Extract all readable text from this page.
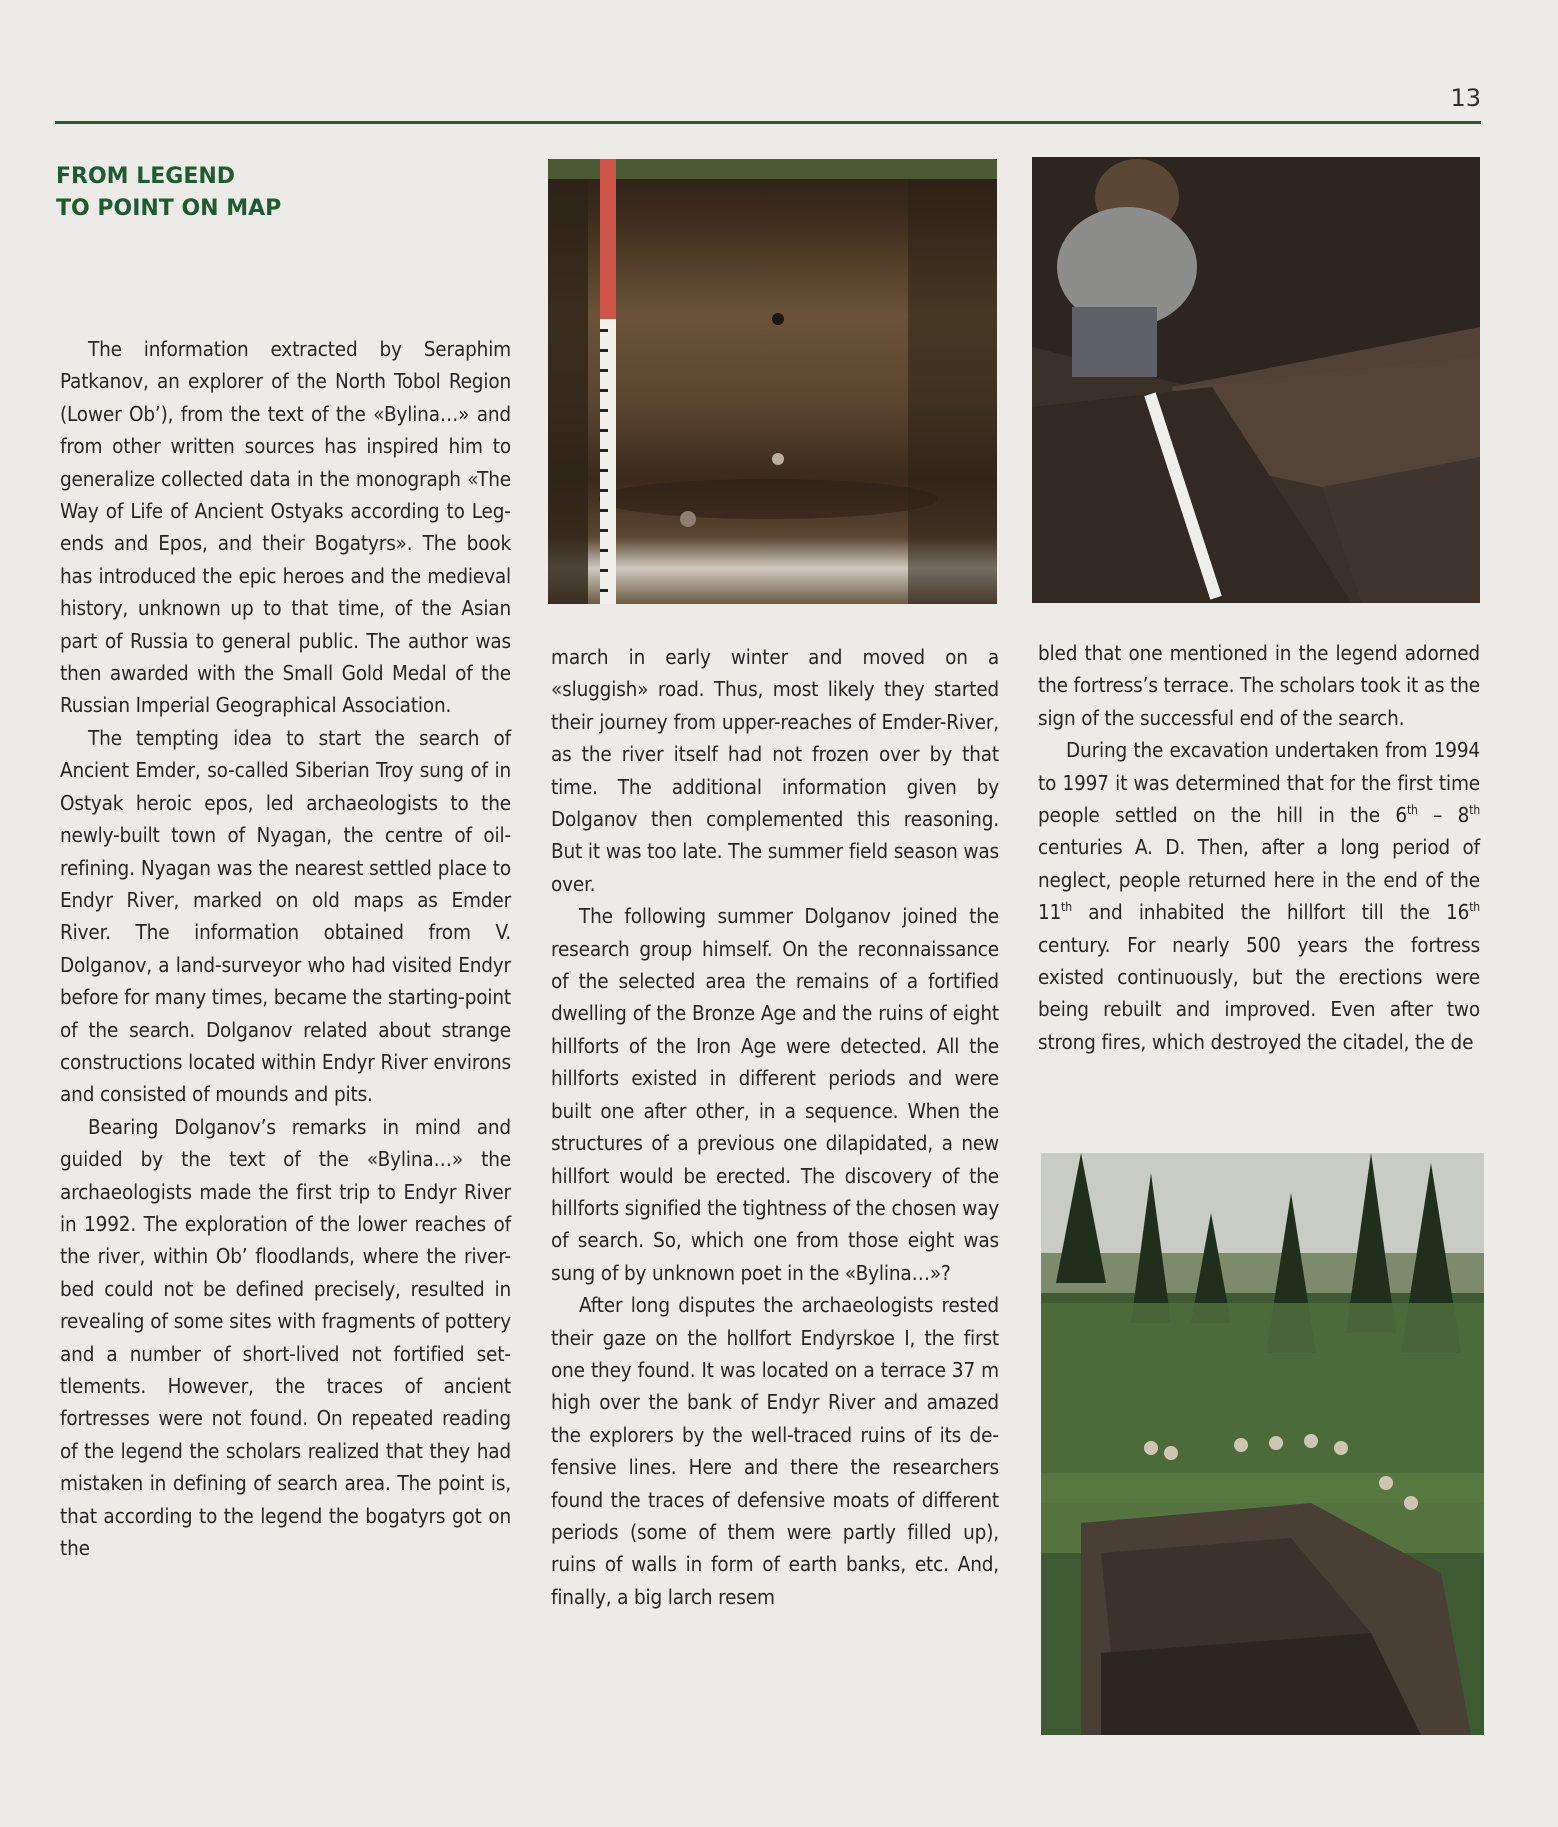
13
FROM LEGEND
TO POINT ON MAP

The information extracted by Seraphim Patkanov, an explorer of the North Tobol Region (Lower Ob’), from the text of the «Bylina…» and from other written sources has inspired him to generalize collected data in the monograph «The Way of Life of Ancient Ostyaks according to Legends and Epos, and their Bogatyrs». The book has introduced the epic heroes and the medieval history, unknown up to that time, of the Asian part of Russia to general public. The author was then awarded with the Small Gold Medal of the Russian Imperial Geographical Association.

The tempting idea to start the search of Ancient Emder, so-called Siberian Troy sung of in Ostyak heroic epos, led archaeologists to the newly-built town of Nyagan, the centre of oil-refining. Nyagan was the nearest settled place to Endyr River, marked on old maps as Emder River. The information obtained from V. Dolganov, a land-surveyor who had visited Endyr before for many times, became the starting-point of the search. Dolganov related about strange constructions located within Endyr River environs and consisted of mounds and pits.

Bearing Dolganov’s remarks in mind and guided by the text of the «Bylina…» the archaeologists made the first trip to Endyr River in 1992. The exploration of the lower reaches of the river, within Ob’ floodlands, where the river-bed could not be defined precisely, resulted in revealing of some sites with fragments of pottery and a number of short-lived not fortified settlements. However, the traces of ancient fortresses were not found. On repeated reading of the legend the scholars realized that they had mistaken in defining of search area. The point is, that according to the legend the bogatyrs got on the

march in early winter and moved on a «sluggish» road. Thus, most likely they started their journey from upper-reaches of Emder-River, as the river itself had not frozen over by that time. The additional information given by Dolganov then complemented this reasoning. But it was too late. The summer field season was over.

The following summer Dolganov joined the research group himself. On the reconnaissance of the selected area the remains of a fortified dwelling of the Bronze Age and the ruins of eight hillforts of the Iron Age were detected. All the hillforts existed in different periods and were built one after other, in a sequence. When the structures of a previous one dilapidated, a new hillfort would be erected. The discovery of the hillforts signified the tightness of the chosen way of search. So, which one from those eight was sung of by unknown poet in the «Bylina…»?

After long disputes the archaeologists rested their gaze on the hollfort Endyrskoe I, the first one they found. It was located on a terrace 37 m high over the bank of Endyr River and amazed the explorers by the well-traced ruins of its defensive lines. Here and there the researchers found the traces of defensive moats of different periods (some of them were partly filled up), ruins of walls in form of earth banks, etc. And, finally, a big larch resem

bled that one mentioned in the legend adorned the fortress’s terrace. The scholars took it as the sign of the successful end of the search.

During the excavation undertaken from 1994 to 1997 it was determined that for the first time people settled on the hill in the 6th – 8th centuries A. D. Then, after a long period of neglect, people returned here in the end of the 11th and inhabited the hillfort till the 16th century. For nearly 500 years the fortress existed continuously, but the erections were being rebuilt and improved. Even after two strong fires, which destroyed the citadel, the de
